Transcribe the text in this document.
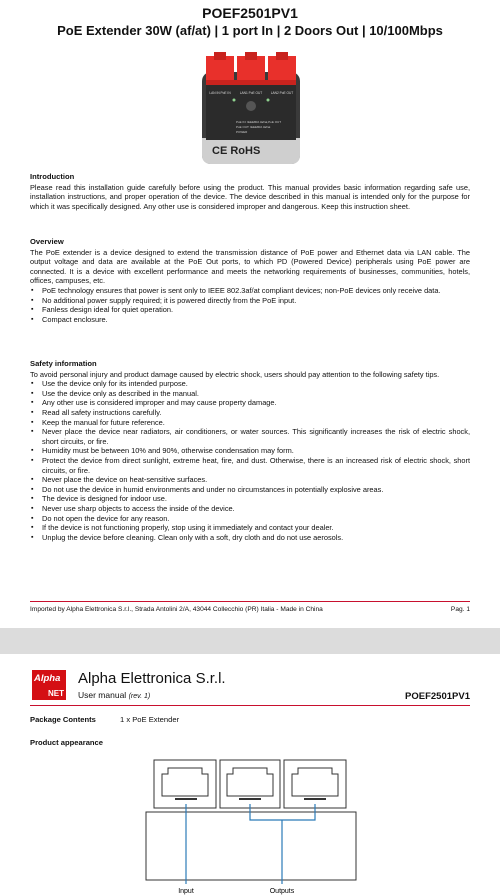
POEF2501PV1
PoE Extender 30W (af/at) | 1 port In | 2 Doors Out | 10/100Mbps
LAN IN PoE IN	LAN1 PoE OUT	LAN2 PoE OUT
PoE IN: IEEE802.3af/at,PoE OUT
PoE OUT: IEEE802.3af/at
POWER
CE RoHS
Introduction

Please read this installation guide carefully before using the product. This manual provides basic information regarding safe use, installation instructions, and proper operation of the device. The device described in this manual is intended only for the purpose for which it was specifically designed. Any other use is considered improper and dangerous. Keep this instruction sheet.

Overview

The PoE extender is a device designed to extend the transmission distance of PoE power and Ethernet data via LAN cable. The output voltage and data are available at the PoE Out ports, to which PD (Powered Device) peripherals using PoE power are connected. It is a device with excellent performance and meets the networking requirements of businesses, communities, hotels, offices, campuses, etc.

▪ PoE technology ensures that power is sent only to IEEE 802.3af/at compliant devices; non-PoE devices only receive data.
▪ No additional power supply required; it is powered directly from the PoE input.
▪ Fanless design ideal for quiet operation.
▪ Compact enclosure.
Safety information

To avoid personal injury and product damage caused by electric shock, users should pay attention to the following safety tips.

▪ Use the device only for its intended purpose.
▪ Use the device only as described in the manual.
▪ Any other use is considered improper and may cause property damage.
▪ Read all safety instructions carefully.
▪ Keep the manual for future reference.
▪ Never place the device near radiators, air conditioners, or water sources. This significantly increases the risk of electric shock, short circuits, or fire.
▪ Humidity must be between 10% and 90%, otherwise condensation may form.
▪ Protect the device from direct sunlight, extreme heat, fire, and dust. Otherwise, there is an increased risk of electric shock, short circuits, or fire.
▪ Never place the device on heat-sensitive surfaces.
▪ Do not use the device in humid environments and under no circumstances in potentially explosive areas.
▪ The device is designed for indoor use.
▪ Never use sharp objects to access the inside of the device.
▪ Do not open the device for any reason.
▪ If the device is not functioning properly, stop using it immediately and contact your dealer.
▪ Unplug the device before cleaning. Clean only with a soft, dry cloth and do not use aerosols.
Imported by Alpha Elettronica S.r.l., Strada Antolini 2/A, 43044 Collecchio (PR) Italia - Made in China	Pag. 1
Alpha
NET
Alpha Elettronica S.r.l.
User manual (rev. 1)	POEF2501PV1
Package Contents	1 x PoE Extender
Product appearance
Input	Outputs
